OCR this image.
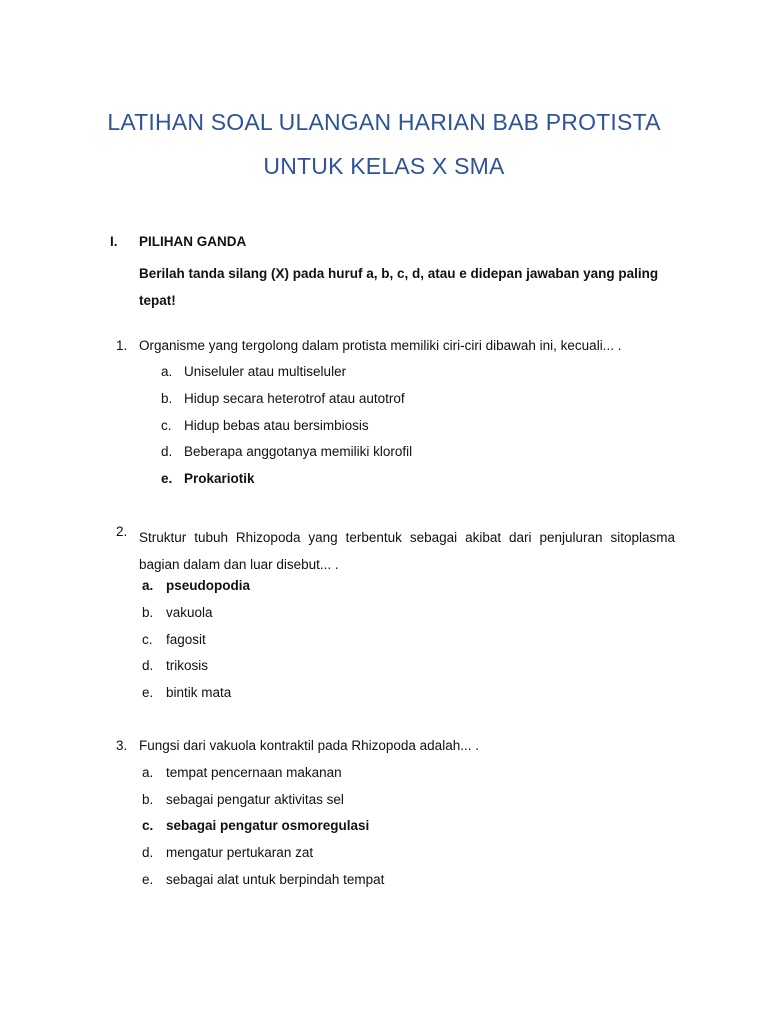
LATIHAN SOAL ULANGAN HARIAN BAB PROTISTA
UNTUK KELAS X SMA
I. PILIHAN GANDA
Berilah tanda silang (X) pada huruf a, b, c, d, atau e didepan jawaban yang paling tepat!
1. Organisme yang tergolong dalam protista memiliki ciri-ciri dibawah ini, kecuali... .
a. Uniseluler atau multiseluler
b. Hidup secara heterotrof atau autotrof
c. Hidup bebas atau bersimbiosis
d. Beberapa anggotanya memiliki klorofil
e. Prokariotik
2. Struktur tubuh Rhizopoda yang terbentuk sebagai akibat dari penjuluran sitoplasma bagian dalam dan luar disebut... .
a. pseudopodia
b. vakuola
c. fagosit
d. trikosis
e. bintik mata
3. Fungsi dari vakuola kontraktil pada Rhizopoda adalah... .
a. tempat pencernaan makanan
b. sebagai pengatur aktivitas sel
c. sebagai pengatur osmoregulasi
d. mengatur pertukaran zat
e. sebagai alat untuk berpindah tempat
